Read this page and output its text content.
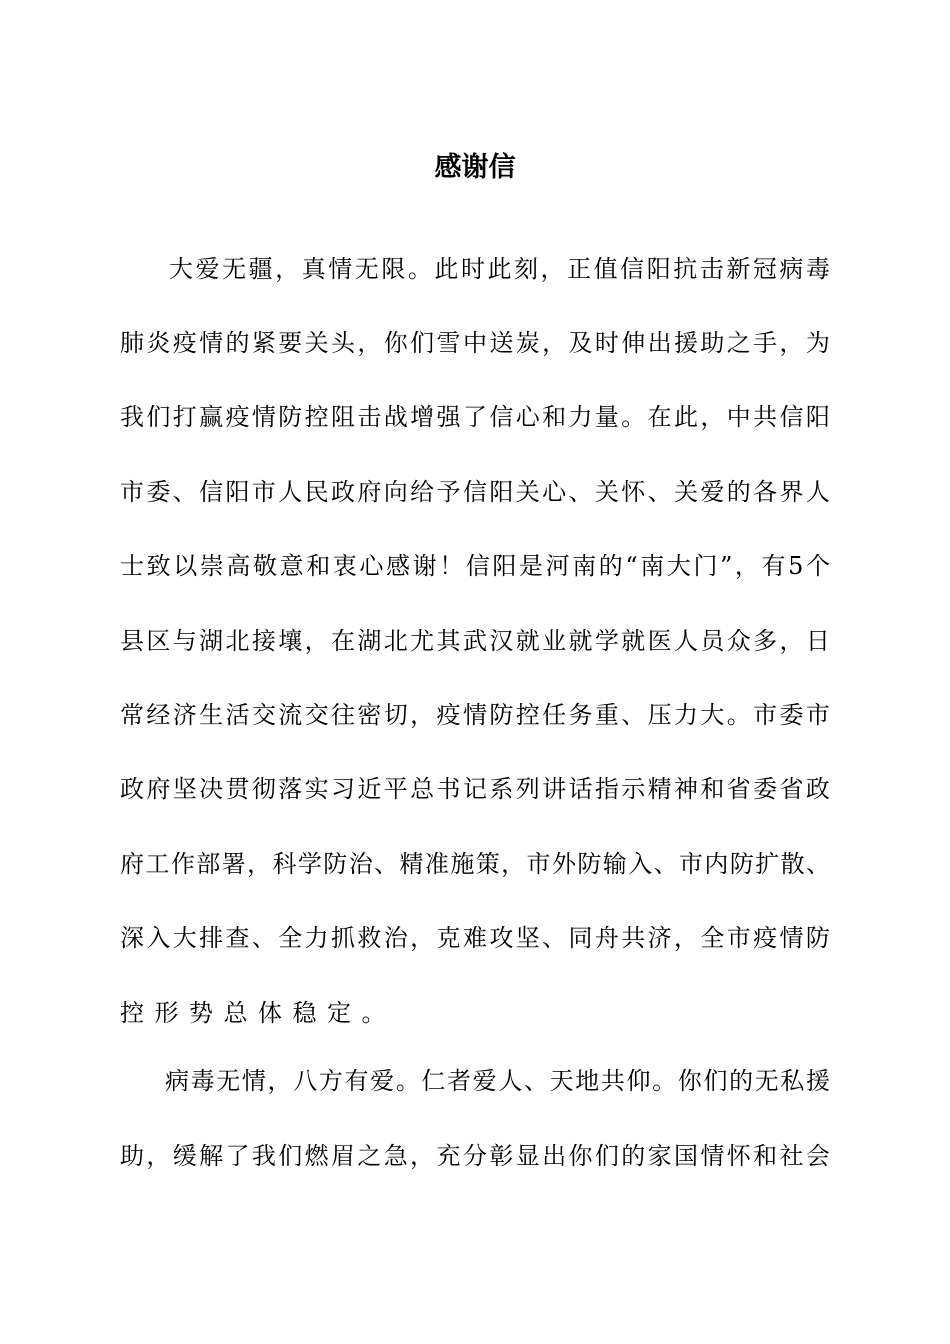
感谢信
大爱无疆，真情无限。此时此刻，正值信阳抗击新冠病毒
肺炎疫情的紧要关头，你们雪中送炭，及时伸出援助之手，为
我们打赢疫情防控阻击战增强了信心和力量。在此，中共信阳
市委、信阳市人民政府向给予信阳关心、关怀、关爱的各界人
士致以崇高敬意和衷心感谢！信阳是河南的“南大门”，有5个
县区与湖北接壤，在湖北尤其武汉就业就学就医人员众多，日
常经济生活交流交往密切，疫情防控任务重、压力大。市委市
政府坚决贯彻落实习近平总书记系列讲话指示精神和省委省政
府工作部署，科学防治、精准施策，市外防输入、市内防扩散、
深入大排查、全力抓救治，克难攻坚、同舟共济，全市疫情防
控形势总体稳定。
病毒无情，八方有爱。仁者爱人、天地共仰。你们的无私援
助，缓解了我们燃眉之急，充分彰显出你们的家国情怀和社会
